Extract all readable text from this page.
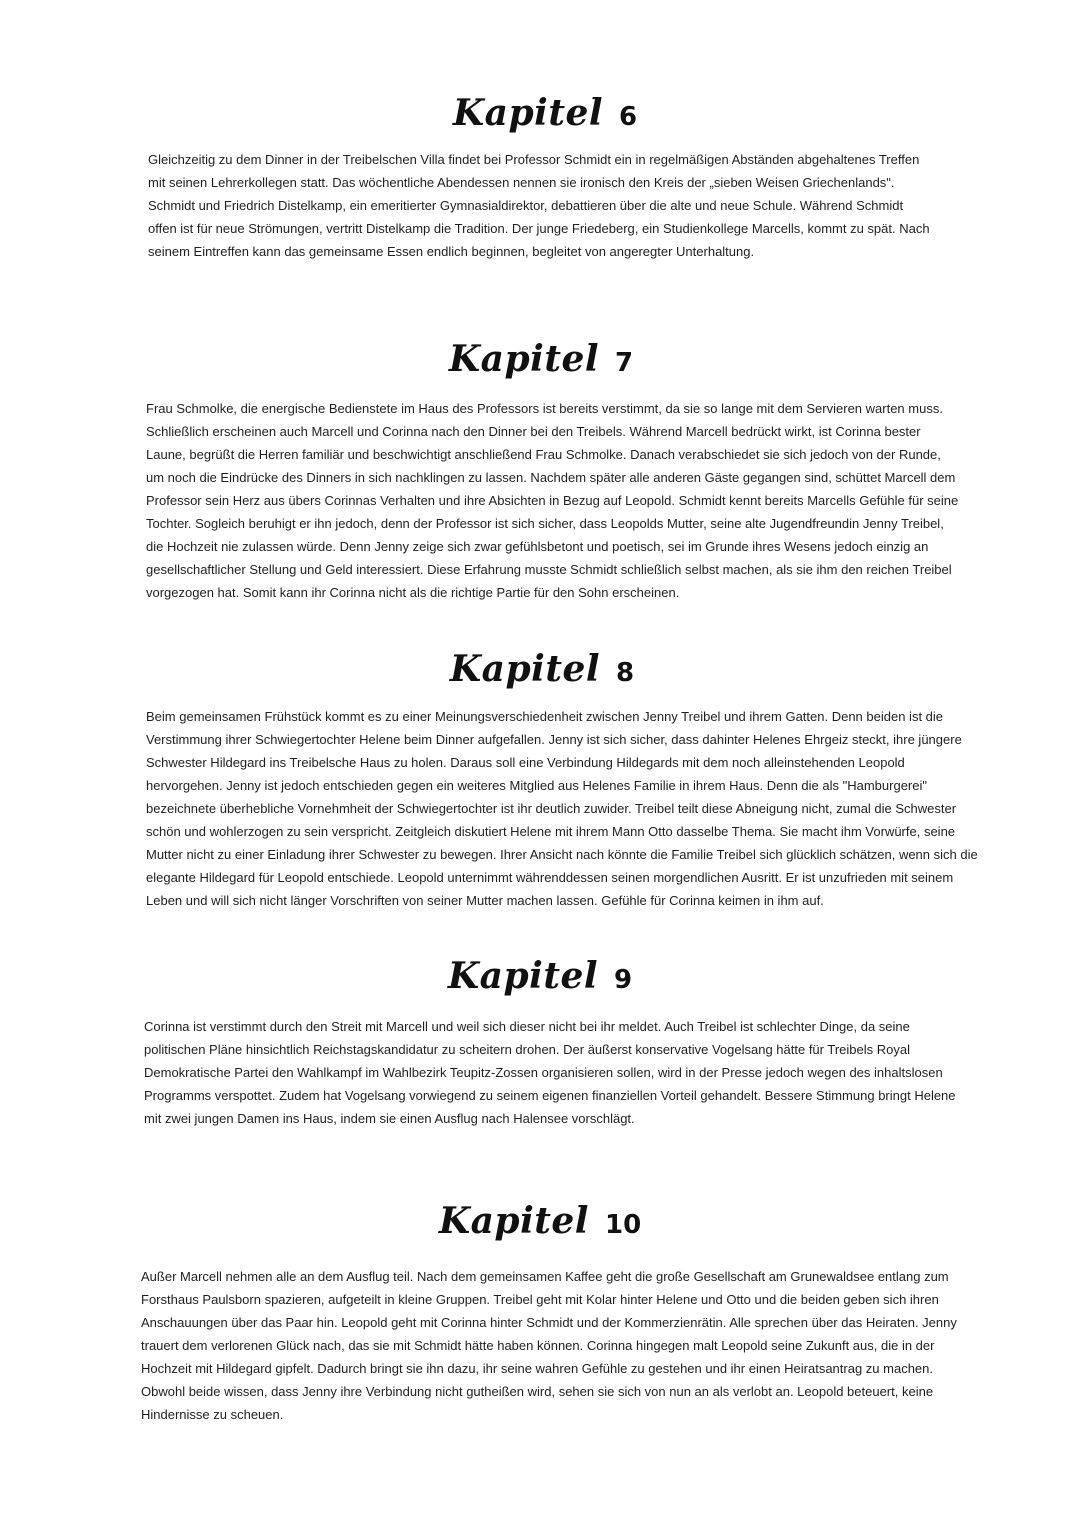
Kapitel 6
Gleichzeitig zu dem Dinner in der Treibelschen Villa findet bei Professor Schmidt ein in regelmäßigen Abständen abgehaltenes Treffen
mit seinen Lehrerkollegen statt. Das wöchentliche Abendessen nennen sie ironisch den Kreis der „sieben Weisen Griechenlands".
Schmidt und Friedrich Distelkamp, ein emeritierter Gymnasialdirektor, debattieren über die alte und neue Schule. Während Schmidt
offen ist für neue Strömungen, vertritt Distelkamp die Tradition. Der junge Friedeberg, ein Studienkollege Marcells, kommt zu spät. Nach
seinem Eintreffen kann das gemeinsame Essen endlich beginnen, begleitet von angeregter Unterhaltung.
Kapitel 7
Frau Schmolke, die energische Bedienstete im Haus des Professors ist bereits verstimmt, da sie so lange mit dem Servieren warten muss.
Schließlich erscheinen auch Marcell und Corinna nach den Dinner bei den Treibels. Während Marcell bedrückt wirkt, ist Corinna bester
Laune, begrüßt die Herren familiär und beschwichtigt anschließend Frau Schmolke. Danach verabschiedet sie sich jedoch von der Runde,
um noch die Eindrücke des Dinners in sich nachklingen zu lassen. Nachdem später alle anderen Gäste gegangen sind, schüttet Marcell dem
Professor sein Herz aus übers Corinnas Verhalten und ihre Absichten in Bezug auf Leopold. Schmidt kennt bereits Marcells Gefühle für seine
Tochter. Sogleich beruhigt er ihn jedoch, denn der Professor ist sich sicher, dass Leopolds Mutter, seine alte Jugendfreundin Jenny Treibel,
die Hochzeit nie zulassen würde. Denn Jenny zeige sich zwar gefühlsbetont und poetisch, sei im Grunde ihres Wesens jedoch einzig an
gesellschaftlicher Stellung und Geld interessiert. Diese Erfahrung musste Schmidt schließlich selbst machen, als sie ihm den reichen Treibel
vorgezogen hat. Somit kann ihr Corinna nicht als die richtige Partie für den Sohn erscheinen.
Kapitel 8
Beim gemeinsamen Frühstück kommt es zu einer Meinungsverschiedenheit zwischen Jenny Treibel und ihrem Gatten. Denn beiden ist die
Verstimmung ihrer Schwiegertochter Helene beim Dinner aufgefallen. Jenny ist sich sicher, dass dahinter Helenes Ehrgeiz steckt, ihre jüngere
Schwester Hildegard ins Treibelsche Haus zu holen. Daraus soll eine Verbindung Hildegards mit dem noch alleinstehenden Leopold
hervorgehen. Jenny ist jedoch entschieden gegen ein weiteres Mitglied aus Helenes Familie in ihrem Haus. Denn die als "Hamburgerei"
bezeichnete überhebliche Vornehmheit der Schwiegertochter ist ihr deutlich zuwider. Treibel teilt diese Abneigung nicht, zumal die Schwester
schön und wohlerzogen zu sein verspricht. Zeitgleich diskutiert Helene mit ihrem Mann Otto dasselbe Thema. Sie macht ihm Vorwürfe, seine
Mutter nicht zu einer Einladung ihrer Schwester zu bewegen. Ihrer Ansicht nach könnte die Familie Treibel sich glücklich schätzen, wenn sich die
elegante Hildegard für Leopold entschiede. Leopold unternimmt währenddessen seinen morgendlichen Ausritt. Er ist unzufrieden mit seinem
Leben und will sich nicht länger Vorschriften von seiner Mutter machen lassen. Gefühle für Corinna keimen in ihm auf.
Kapitel 9
Corinna ist verstimmt durch den Streit mit Marcell und weil sich dieser nicht bei ihr meldet. Auch Treibel ist schlechter Dinge, da seine
politischen Pläne hinsichtlich Reichstagskandidatur zu scheitern drohen. Der äußerst konservative Vogelsang hätte für Treibels Royal
Demokratische Partei den Wahlkampf im Wahlbezirk Teupitz-Zossen organisieren sollen, wird in der Presse jedoch wegen des inhaltslosen
Programms verspottet. Zudem hat Vogelsang vorwiegend zu seinem eigenen finanziellen Vorteil gehandelt. Bessere Stimmung bringt Helene
mit zwei jungen Damen ins Haus, indem sie einen Ausflug nach Halensee vorschlägt.
Kapitel 10
Außer Marcell nehmen alle an dem Ausflug teil. Nach dem gemeinsamen Kaffee geht die große Gesellschaft am Grunewaldsee entlang zum
Forsthaus Paulsborn spazieren, aufgeteilt in kleine Gruppen. Treibel geht mit Kolar hinter Helene und Otto und die beiden geben sich ihren
Anschauungen über das Paar hin. Leopold geht mit Corinna hinter Schmidt und der Kommerzienrätin. Alle sprechen über das Heiraten. Jenny
trauert dem verlorenen Glück nach, das sie mit Schmidt hätte haben können. Corinna hingegen malt Leopold seine Zukunft aus, die in der
Hochzeit mit Hildegard gipfelt. Dadurch bringt sie ihn dazu, ihr seine wahren Gefühle zu gestehen und ihr einen Heiratsantrag zu machen.
Obwohl beide wissen, dass Jenny ihre Verbindung nicht gutheißen wird, sehen sie sich von nun an als verlobt an. Leopold beteuert, keine
Hindernisse zu scheuen.
